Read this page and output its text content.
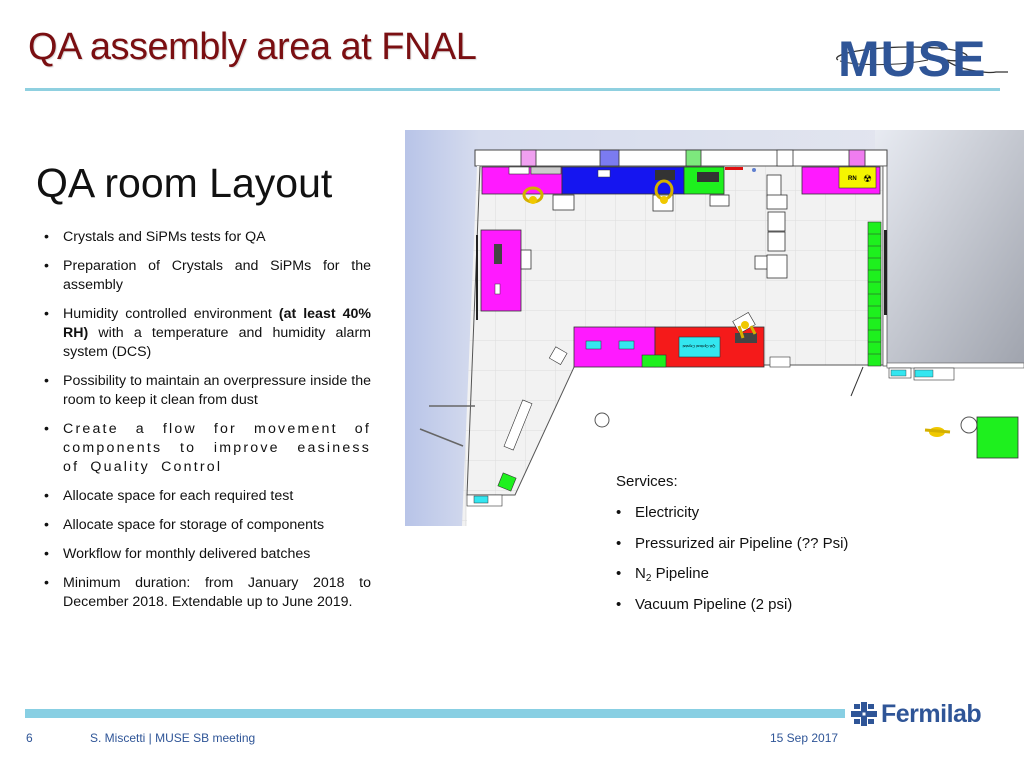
QA assembly area at FNAL	MUSE
QA room Layout
• Crystals and SiPMs tests for QA
• Preparation of Crystals and SiPMs for the assembly
• Humidity controlled environment (at least 40% RH) with a temperature and humidity alarm system (DCS)
• Possibility to maintain an overpressure inside the room to keep it clean from dust
• Create a flow for movement of components to improve easiness of Quality Control
• Allocate space for each required test
• Allocate space for storage of components
• Workflow for monthly delivered batches
• Minimum duration: from January 2018 to December 2018. Extendable up to June 2019.
RN ☢
QA Optical Crystal
Services:
• Electricity
• Pressurized air Pipeline (?? Psi)
• $N_2$ Pipeline
• Vacuum Pipeline (2 psi)
6	S. Miscetti | MUSE SB meeting	15 Sep 2017
Fermilab
